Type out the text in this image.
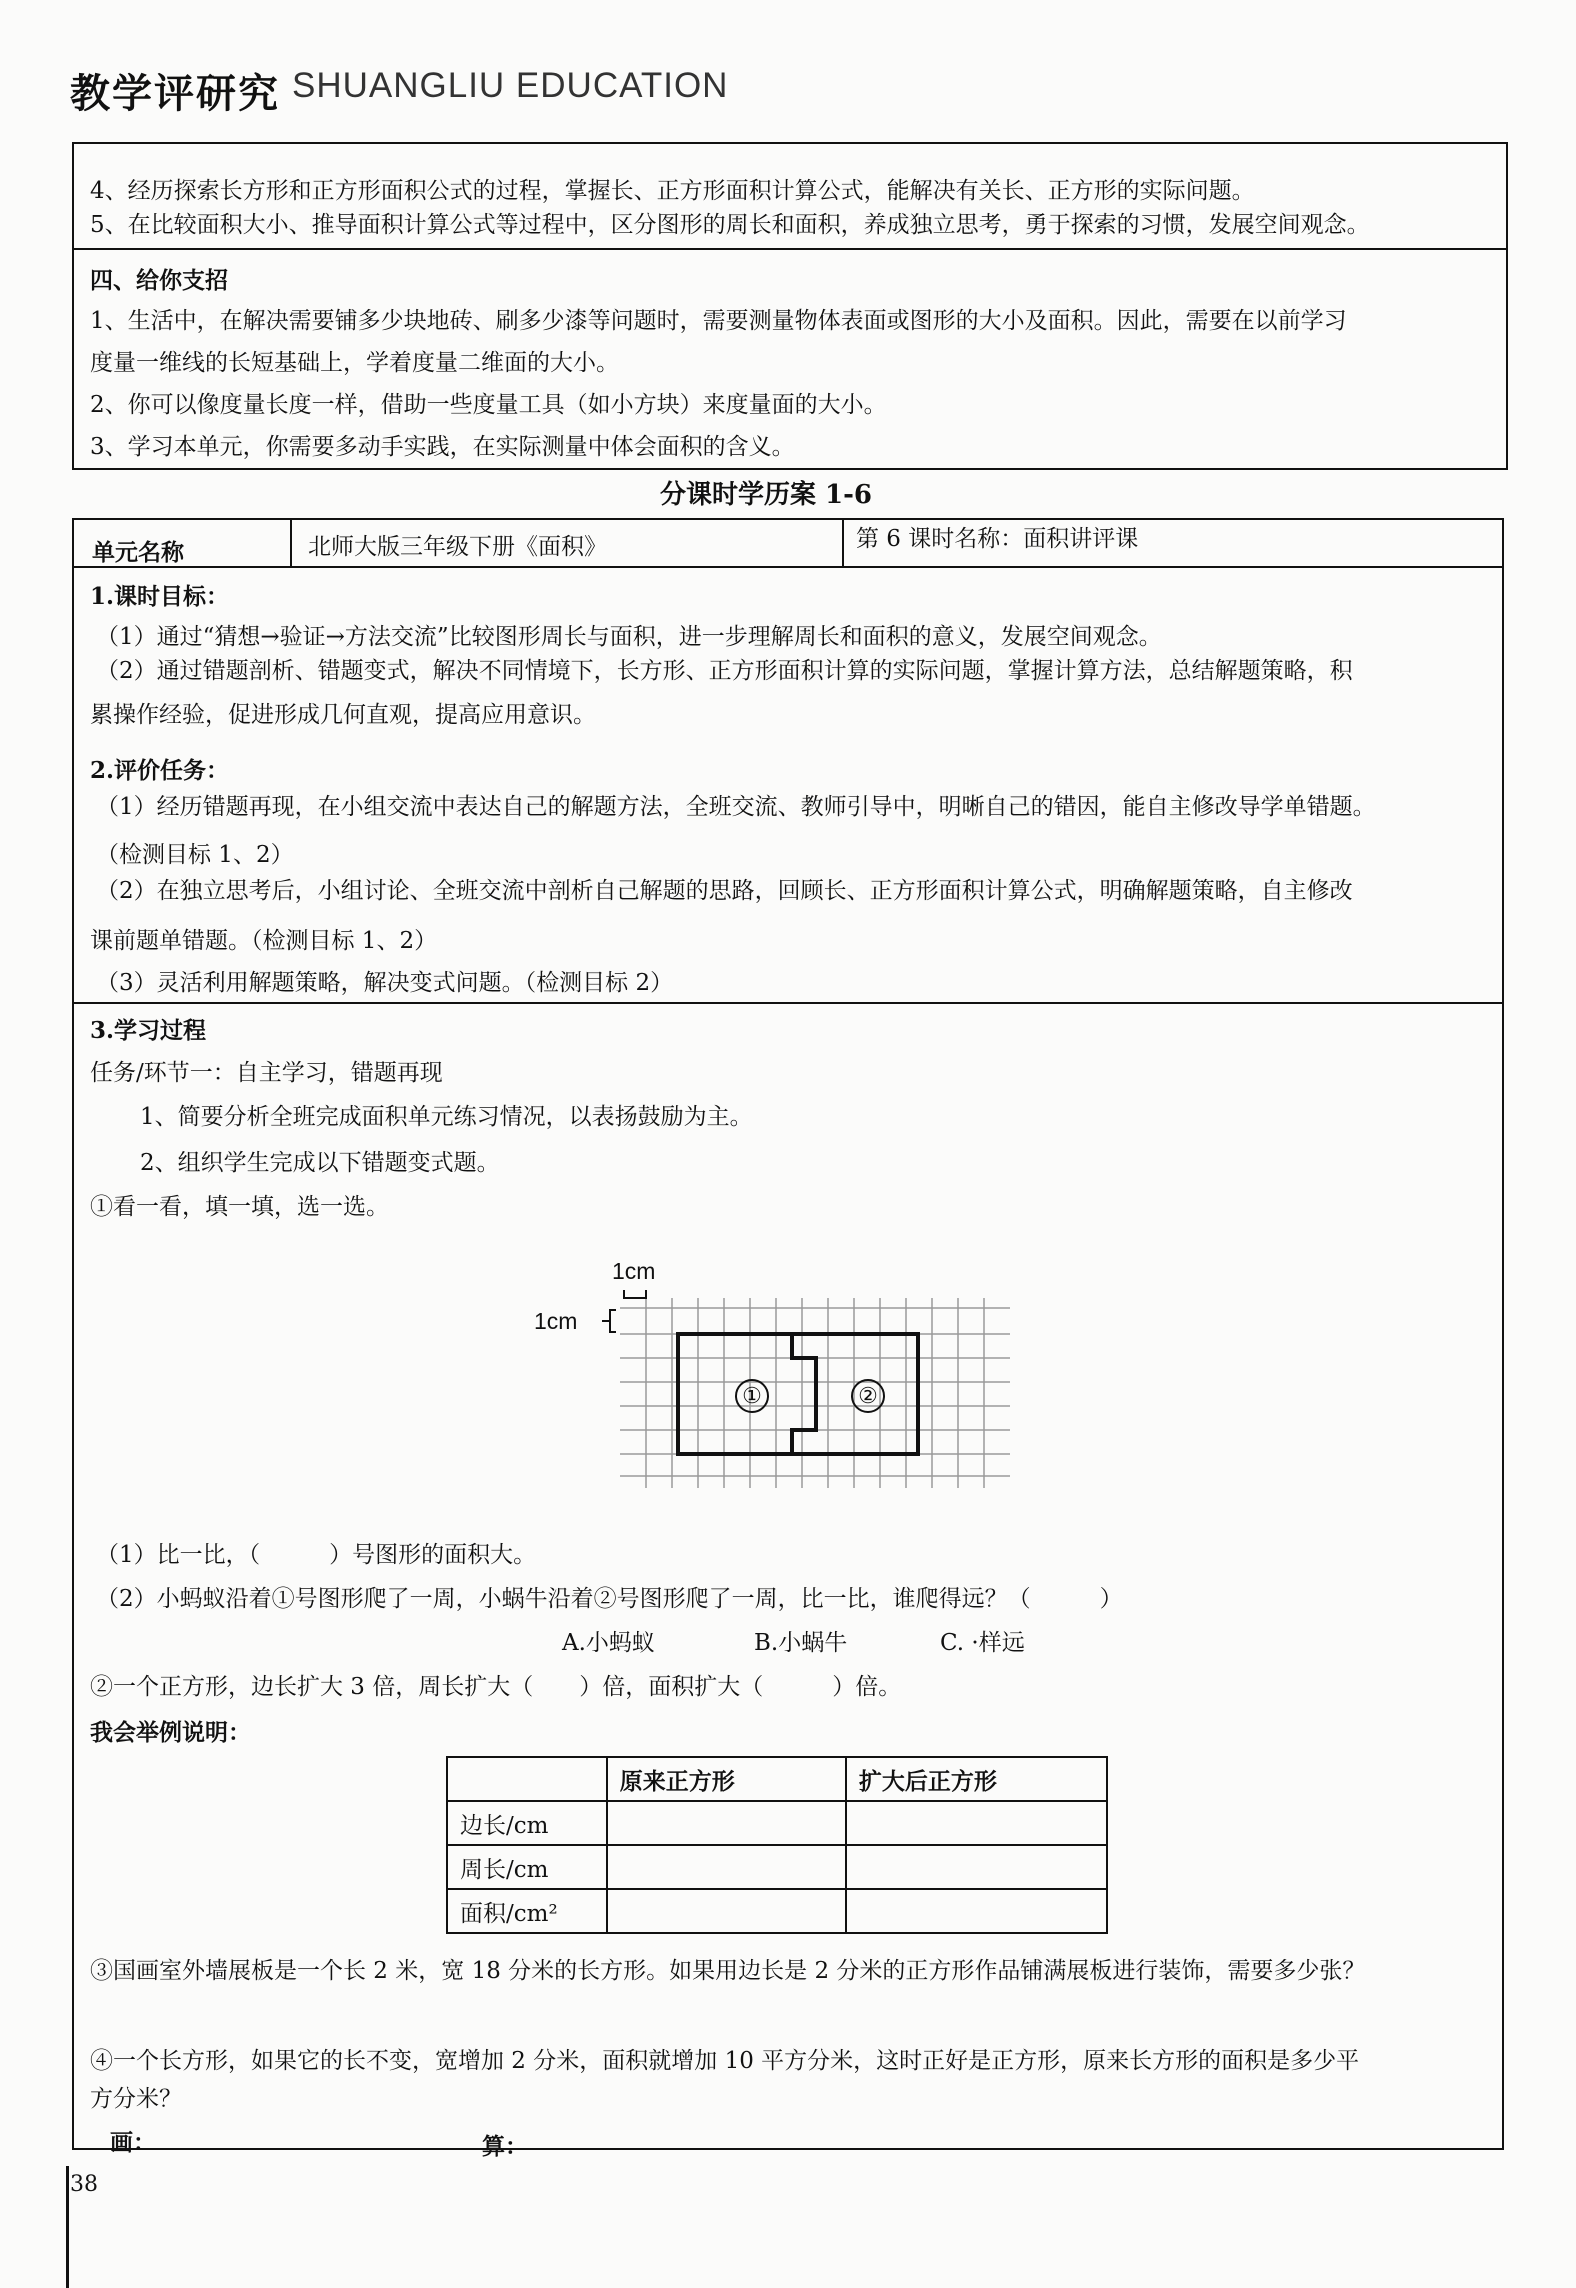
教学评研究 SHUANGLIU EDUCATION
4、经历探索长方形和正方形面积公式的过程，掌握长、正方形面积计算公式，能解决有关长、正方形的实际问题。
5、在比较面积大小、推导面积计算公式等过程中，区分图形的周长和面积，养成独立思考，勇于探索的习惯，发展空间观念。
四、给你支招
1、生活中，在解决需要铺多少块地砖、刷多少漆等问题时，需要测量物体表面或图形的大小及面积。因此，需要在以前学习
度量一维线的长短基础上，学着度量二维面的大小。
2、你可以像度量长度一样，借助一些度量工具（如小方块）来度量面的大小。
3、学习本单元，你需要多动手实践，在实际测量中体会面积的含义。
分课时学历案 1-6
单元名称	北师大版三年级下册《面积》	第 6 课时名称：面积讲评课
1.课时目标：
（1）通过“猜想→验证→方法交流”比较图形周长与面积，进一步理解周长和面积的意义，发展空间观念。
（2）通过错题剖析、错题变式，解决不同情境下，长方形、正方形面积计算的实际问题，掌握计算方法，总结解题策略，积
累操作经验，促进形成几何直观，提高应用意识。
2.评价任务：
（1）经历错题再现，在小组交流中表达自己的解题方法，全班交流、教师引导中，明晰自己的错因，能自主修改导学单错题。
（检测目标 1、2）
（2）在独立思考后，小组讨论、全班交流中剖析自己解题的思路，回顾长、正方形面积计算公式，明确解题策略，自主修改
课前题单错题。（检测目标 1、2）
（3）灵活利用解题策略，解决变式问题。（检测目标 2）
3.学习过程
任务/环节一：自主学习，错题再现
1、简要分析全班完成面积单元练习情况，以表扬鼓励为主。
2、组织学生完成以下错题变式题。
①看一看，填一填，选一选。
1cm
1cm
①	②
（1）比一比，（　　　）号图形的面积大。
（2）小蚂蚁沿着①号图形爬了一周，小蜗牛沿着②号图形爬了一周，比一比，谁爬得远？（　　　）
A.小蚂蚁	B.小蜗牛	C. ·样远
②一个正方形，边长扩大 3 倍，周长扩大（　　）倍，面积扩大（　　　）倍。
我会举例说明：
	原来正方形	扩大后正方形
边长/cm		
周长/cm		
面积/cm²		
③国画室外墙展板是一个长 2 米，宽 18 分米的长方形。如果用边长是 2 分米的正方形作品铺满展板进行装饰，需要多少张？
④一个长方形，如果它的长不变，宽增加 2 分米，面积就增加 10 平方分米，这时正好是正方形，原来长方形的面积是多少平
方分米？
画：	算：
38
